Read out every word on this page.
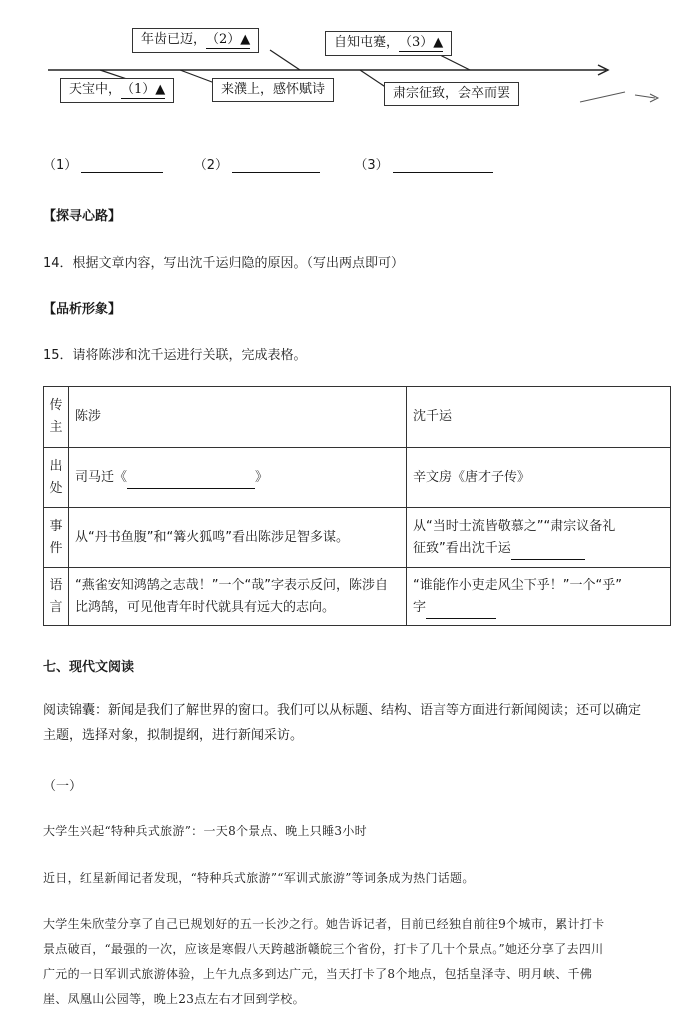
年齿已迈，（2）▲	自知屯蹇，（3）▲
天宝中，（1）▲	来濮上，感怀赋诗	肃宗征致，会卒而罢
（1）	（2）	（3）
【探寻心路】
14．根据文章内容，写出沈千运归隐的原因。（写出两点即可）
【品析形象】
15．请将陈涉和沈千运进行关联，完成表格。
传
主	陈涉	沈千运

出
处	司马迁《 》	辛文房《唐才子传》

事
件	从“丹书鱼腹”和“篝火狐鸣”看出陈涉足智多谋。	从“当时士流皆敬慕之”“肃宗议备礼
征致”看出沈千运

语
言	“燕雀安知鸿鹄之志哉！”一个“哉”字表示反问，陈涉自
比鸿鹄，可见他青年时代就具有远大的志向。	“谁能作小吏走风尘下乎！”一个“乎”
字
七、现代文阅读
阅读锦囊：新闻是我们了解世界的窗口。我们可以从标题、结构、语言等方面进行新闻阅读；还可以确定
主题，选择对象，拟制提纲，进行新闻采访。
（一）
大学生兴起“特种兵式旅游”：一天8个景点、晚上只睡3小时
近日，红星新闻记者发现，“特种兵式旅游”“军训式旅游”等词条成为热门话题。
大学生朱欣莹分享了自己已规划好的五一长沙之行。她告诉记者，目前已经独自前往9个城市，累计打卡
景点破百，“最强的一次，应该是寒假八天跨越浙赣皖三个省份，打卡了几十个景点。”她还分享了去四川
广元的一日军训式旅游体验，上午九点多到达广元，当天打卡了8个地点，包括皇泽寺、明月峡、千佛
崖、凤凰山公园等，晚上23点左右才回到学校。
